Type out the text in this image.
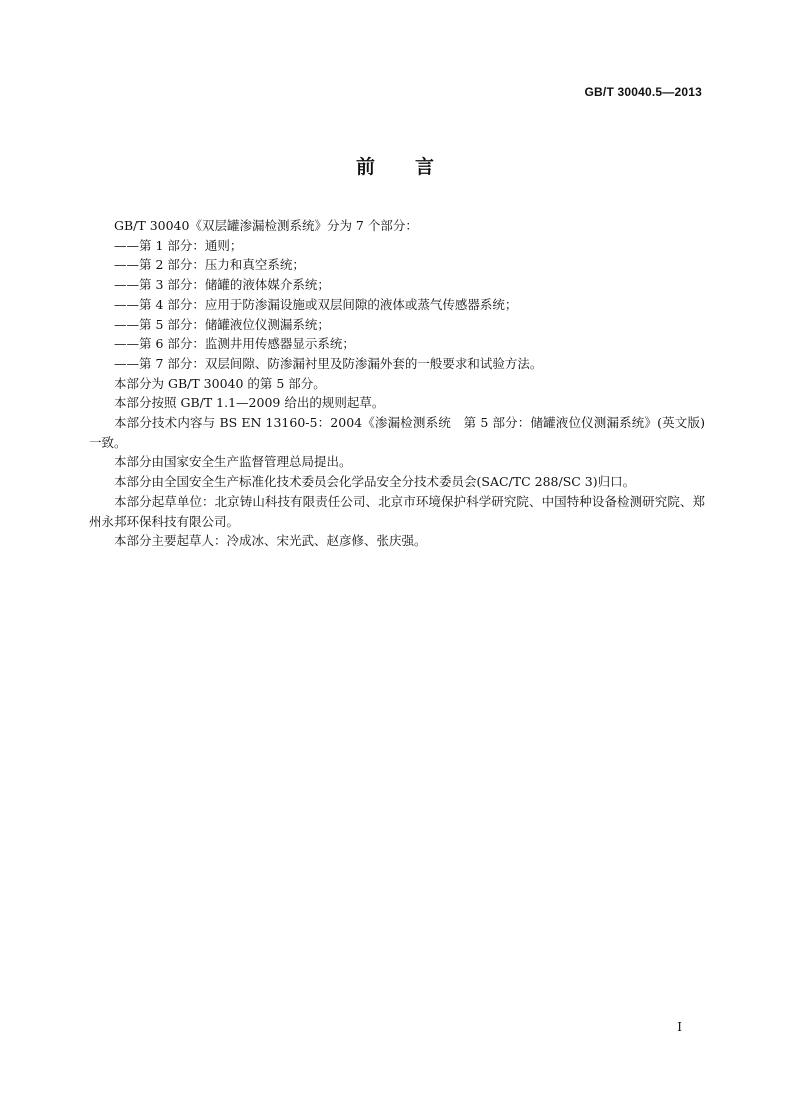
GB/T 30040.5—2013
前 言

GB/T 30040《双层罐渗漏检测系统》分为 7 个部分：

——第 1 部分：通则；

——第 2 部分：压力和真空系统；

——第 3 部分：储罐的液体媒介系统；

——第 4 部分：应用于防渗漏设施或双层间隙的液体或蒸气传感器系统；

——第 5 部分：储罐液位仪测漏系统；

——第 6 部分：监测井用传感器显示系统；

——第 7 部分：双层间隙、防渗漏衬里及防渗漏外套的一般要求和试验方法。

本部分为 GB/T 30040 的第 5 部分。

本部分按照 GB/T 1.1—2009 给出的规则起草。

本部分技术内容与 BS EN 13160-5：2004《渗漏检测系统　第 5 部分：储罐液位仪测漏系统》(英文版)一致。

本部分由国家安全生产监督管理总局提出。

本部分由全国安全生产标准化技术委员会化学品安全分技术委员会(SAC/TC 288/SC 3)归口。

本部分起草单位：北京铸山科技有限责任公司、北京市环境保护科学研究院、中国特种设备检测研究院、郑州永邦环保科技有限公司。

本部分主要起草人：冷成冰、宋光武、赵彦修、张庆强。

I
